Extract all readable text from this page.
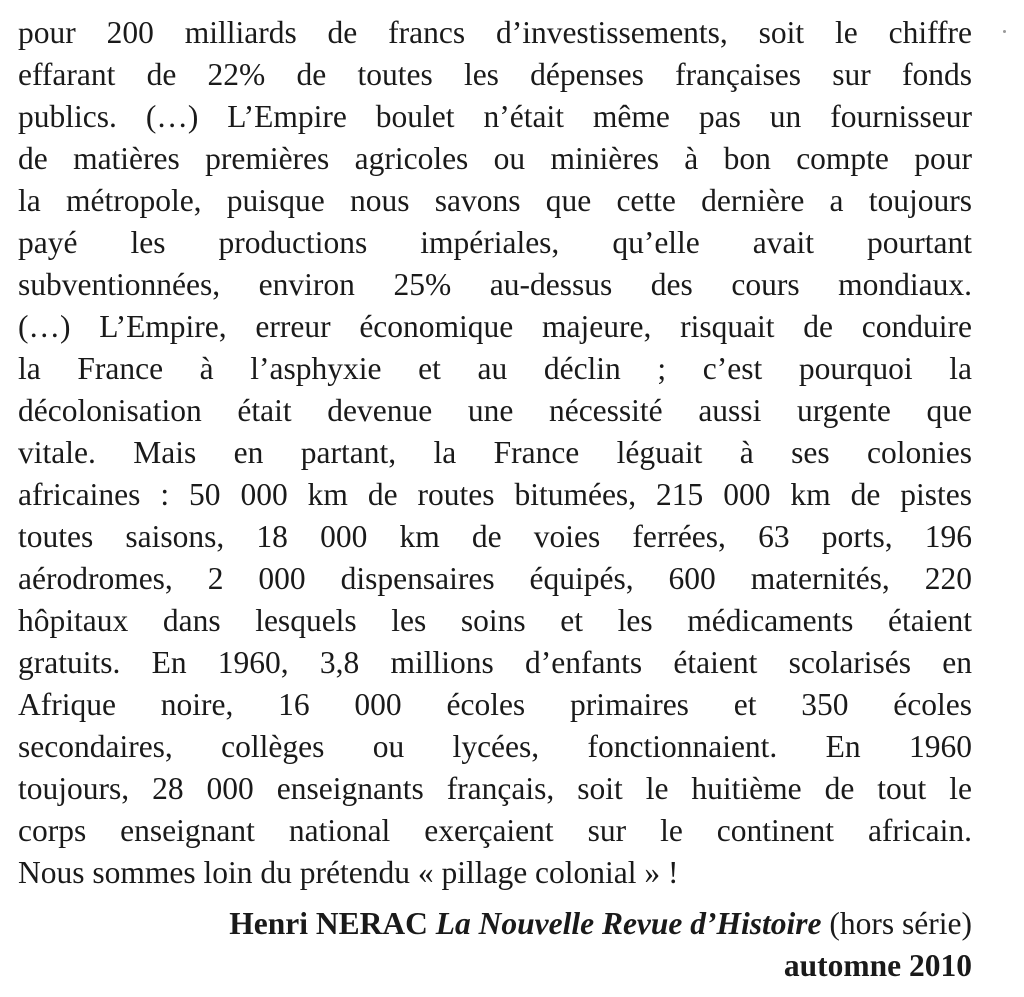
pour 200 milliards de francs d’investissements, soit le chiffre
effarant de 22% de toutes les dépenses françaises sur fonds
publics. (…) L’Empire boulet n’était même pas un fournisseur
de matières premières agricoles ou minières à bon compte pour
la métropole, puisque nous savons que cette dernière a toujours
payé les productions impériales, qu’elle avait pourtant
subventionnées, environ 25% au-dessus des cours mondiaux.
(…) L’Empire, erreur économique majeure, risquait de conduire
la France à l’asphyxie et au déclin ; c’est pourquoi la
décolonisation était devenue une nécessité aussi urgente que
vitale. Mais en partant, la France léguait à ses colonies
africaines : 50 000 km de routes bitumées, 215 000 km de pistes
toutes saisons, 18 000 km de voies ferrées, 63 ports, 196
aérodromes, 2 000 dispensaires équipés, 600 maternités, 220
hôpitaux dans lesquels les soins et les médicaments étaient
gratuits. En 1960, 3,8 millions d’enfants étaient scolarisés en
Afrique noire, 16 000 écoles primaires et 350 écoles
secondaires, collèges ou lycées, fonctionnaient. En 1960
toujours, 28 000 enseignants français, soit le huitième de tout le
corps enseignant national exerçaient sur le continent africain.
Nous sommes loin du prétendu « pillage colonial » !
Henri NERAC La Nouvelle Revue d’Histoire (hors série)
automne 2010
